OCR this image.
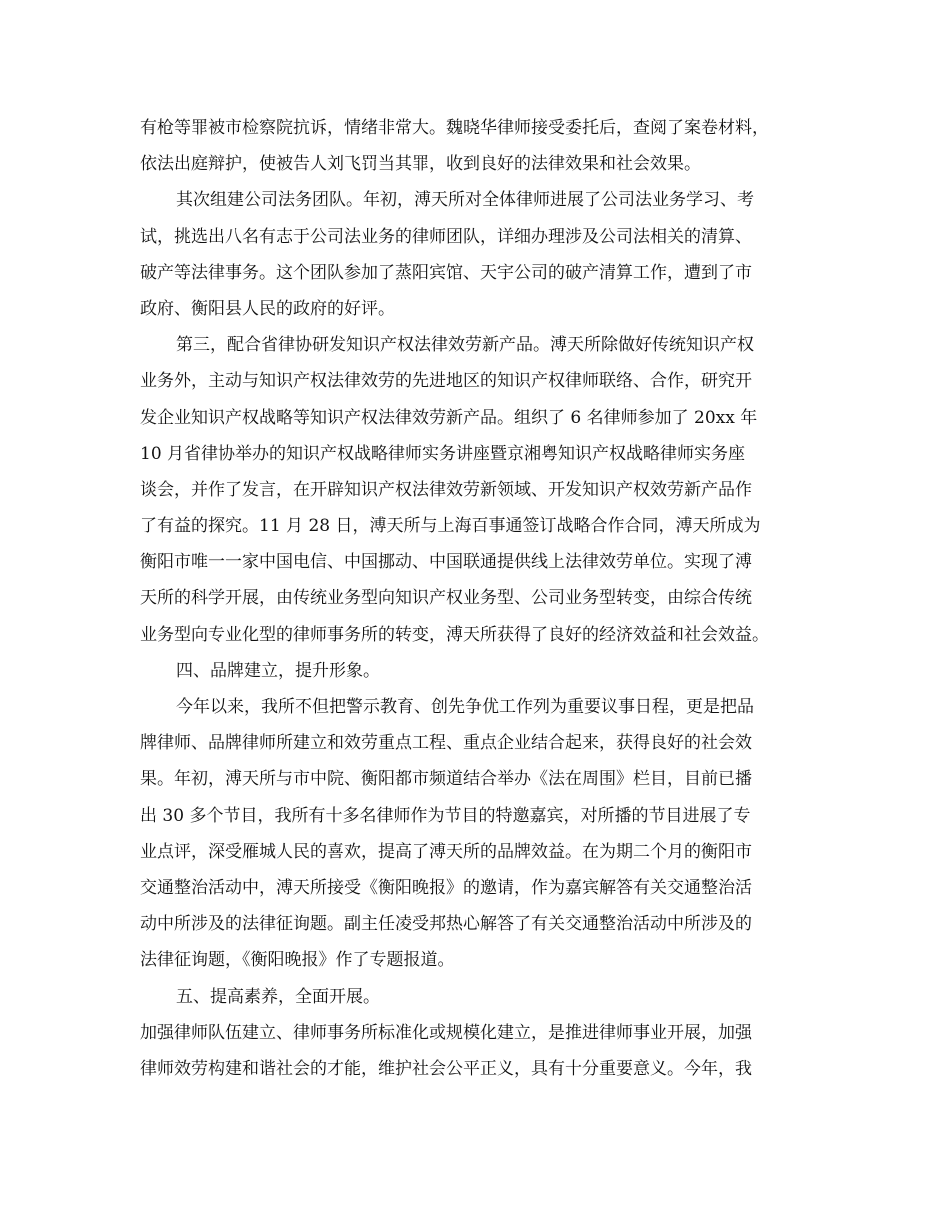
有枪等罪被市检察院抗诉，情绪非常大。魏晓华律师接受委托后，查阅了案卷材料，
依法出庭辩护，使被告人刘飞罚当其罪，收到良好的法律效果和社会效果。
其次组建公司法务团队。年初，溥天所对全体律师进展了公司法业务学习、考
试，挑选出八名有志于公司法业务的律师团队，详细办理涉及公司法相关的清算、
破产等法律事务。这个团队参加了蒸阳宾馆、天宇公司的破产清算工作，遭到了市
政府、衡阳县人民的政府的好评。
第三，配合省律协研发知识产权法律效劳新产品。溥天所除做好传统知识产权
业务外，主动与知识产权法律效劳的先进地区的知识产权律师联络、合作，研究开
发企业知识产权战略等知识产权法律效劳新产品。组织了 6 名律师参加了 20xx 年
10 月省律协举办的知识产权战略律师实务讲座暨京湘粤知识产权战略律师实务座
谈会，并作了发言，在开辟知识产权法律效劳新领域、开发知识产权效劳新产品作
了有益的探究。11 月 28 日，溥天所与上海百事通签订战略合作合同，溥天所成为
衡阳市唯一一家中国电信、中国挪动、中国联通提供线上法律效劳单位。实现了溥
天所的科学开展，由传统业务型向知识产权业务型、公司业务型转变，由综合传统
业务型向专业化型的律师事务所的转变，溥天所获得了良好的经济效益和社会效益。
四、品牌建立，提升形象。
今年以来，我所不但把警示教育、创先争优工作列为重要议事日程，更是把品
牌律师、品牌律师所建立和效劳重点工程、重点企业结合起来，获得良好的社会效
果。年初，溥天所与市中院、衡阳都市频道结合举办《法在周围》栏目，目前已播
出 30 多个节目，我所有十多名律师作为节目的特邀嘉宾，对所播的节目进展了专
业点评，深受雁城人民的喜欢，提高了溥天所的品牌效益。在为期二个月的衡阳市
交通整治活动中，溥天所接受《衡阳晚报》的邀请，作为嘉宾解答有关交通整治活
动中所涉及的法律征询题。副主任凌受邦热心解答了有关交通整治活动中所涉及的
法律征询题，《衡阳晚报》作了专题报道。
五、提高素养，全面开展。
加强律师队伍建立、律师事务所标准化或规模化建立，是推进律师事业开展，加强
律师效劳构建和谐社会的才能，维护社会公平正义，具有十分重要意义。今年，我
